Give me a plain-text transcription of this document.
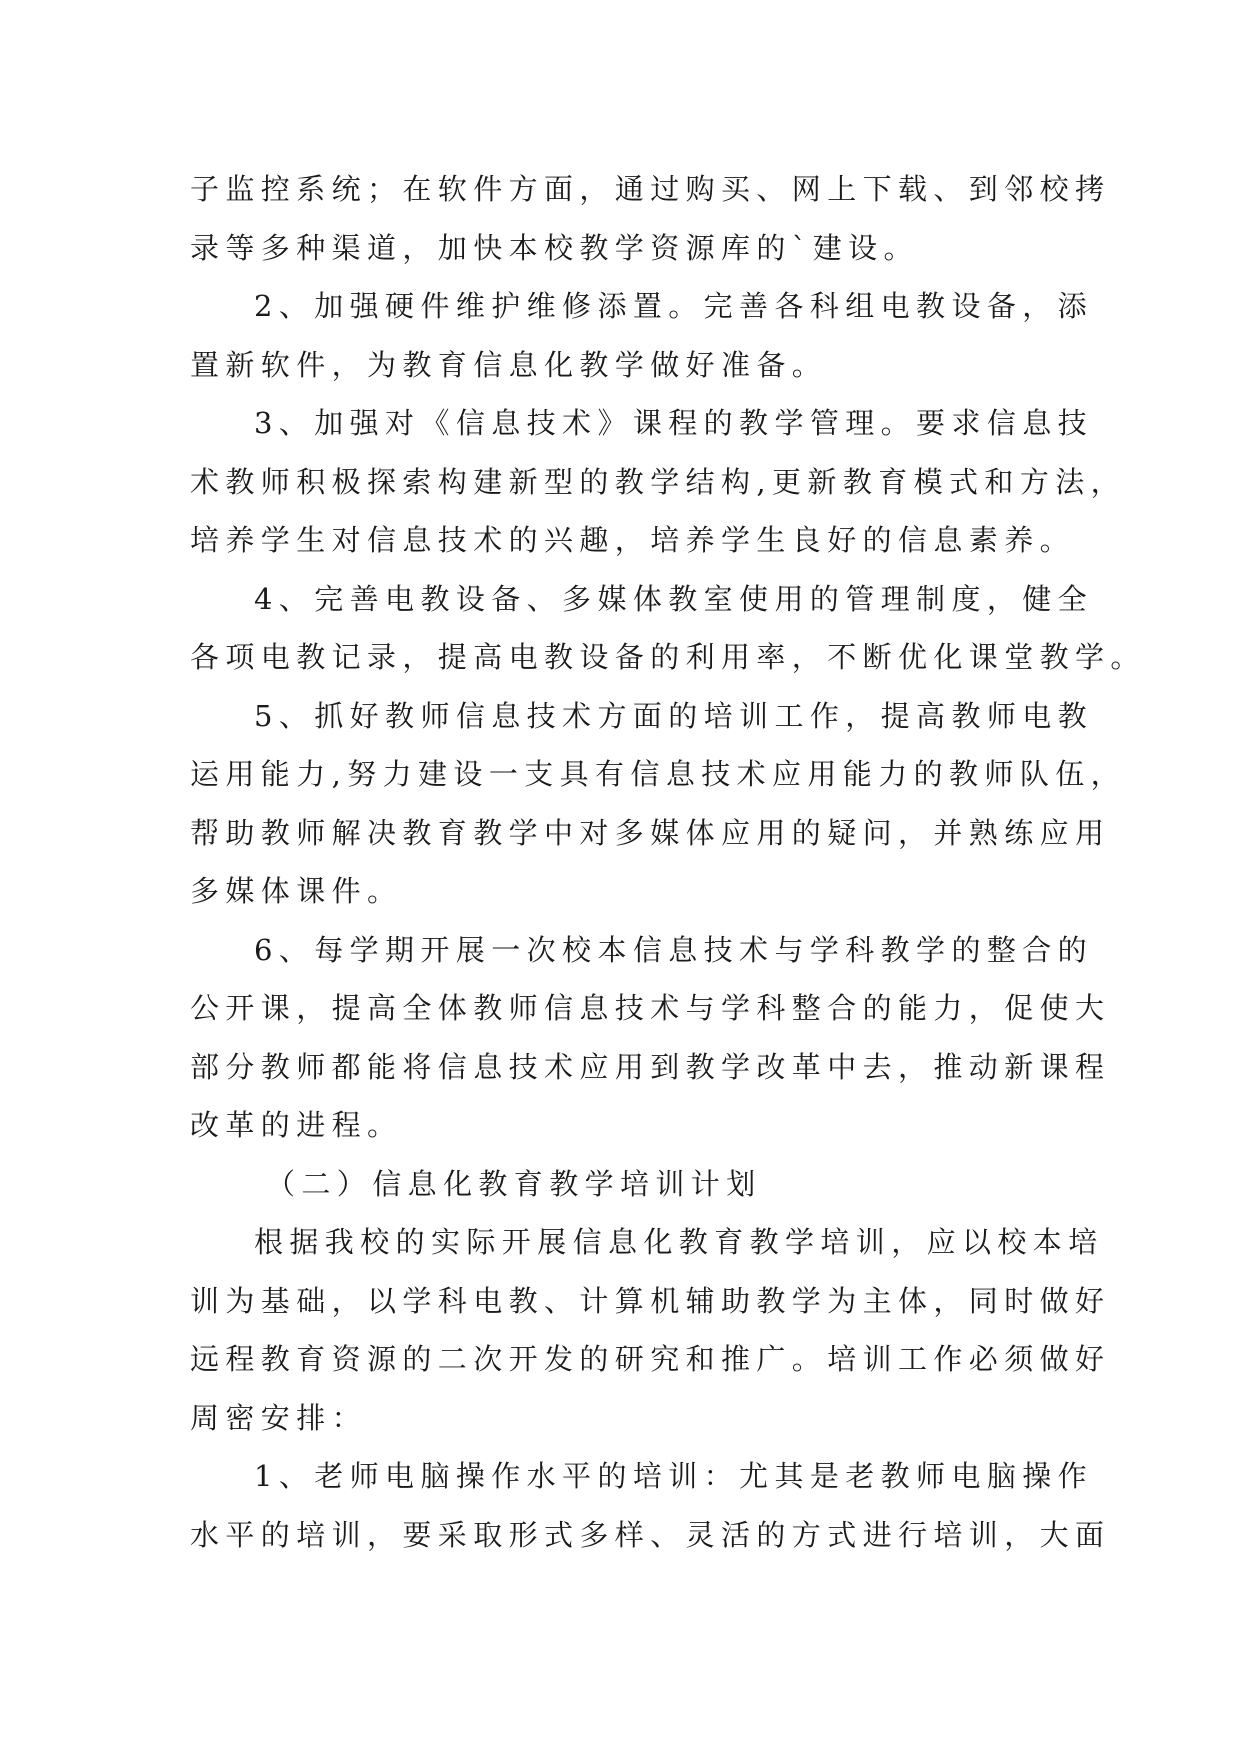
子监控系统；在软件方面，通过购买、网上下载、到邻校拷
录等多种渠道，加快本校教学资源库的`建设。
2、加强硬件维护维修添置。完善各科组电教设备，添
置新软件，为教育信息化教学做好准备。
3、加强对《信息技术》课程的教学管理。要求信息技
术教师积极探索构建新型的教学结构,更新教育模式和方法，
培养学生对信息技术的兴趣，培养学生良好的信息素养。
4、完善电教设备、多媒体教室使用的管理制度，健全
各项电教记录，提高电教设备的利用率，不断优化课堂教学。
5、抓好教师信息技术方面的培训工作，提高教师电教
运用能力,努力建设一支具有信息技术应用能力的教师队伍，
帮助教师解决教育教学中对多媒体应用的疑问，并熟练应用
多媒体课件。
6、每学期开展一次校本信息技术与学科教学的整合的
公开课，提高全体教师信息技术与学科整合的能力，促使大
部分教师都能将信息技术应用到教学改革中去，推动新课程
改革的进程。
（二）信息化教育教学培训计划
根据我校的实际开展信息化教育教学培训，应以校本培
训为基础，以学科电教、计算机辅助教学为主体，同时做好
远程教育资源的二次开发的研究和推广。培训工作必须做好
周密安排：
1、老师电脑操作水平的培训：尤其是老教师电脑操作
水平的培训，要采取形式多样、灵活的方式进行培训，大面
